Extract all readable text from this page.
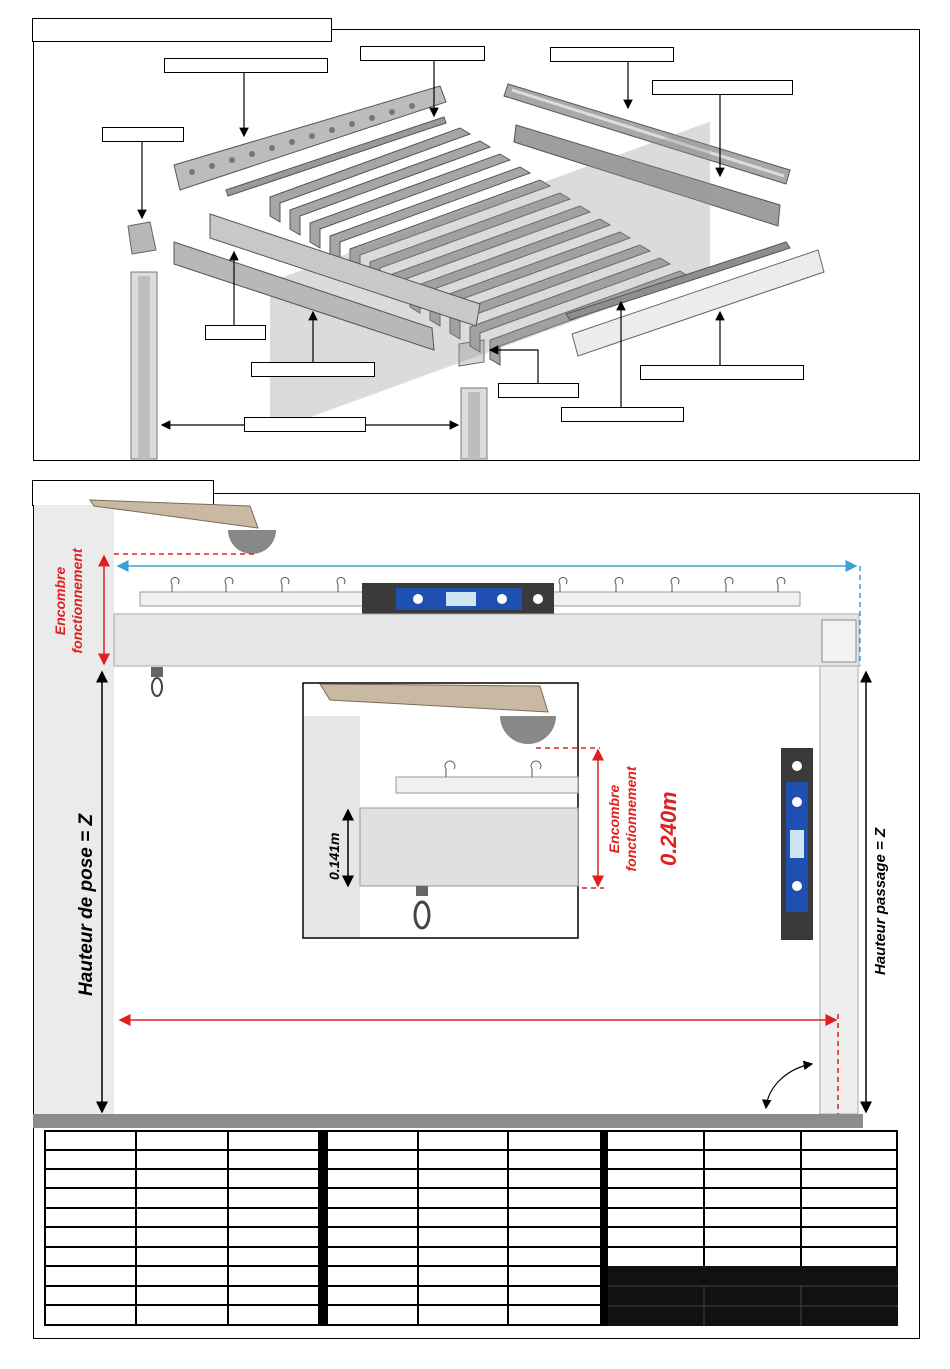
Encombre fonctionnement
Hauteur de pose = Z	Hauteur passage = Z
0.141m
Encombre fonctionnement 0.240m
